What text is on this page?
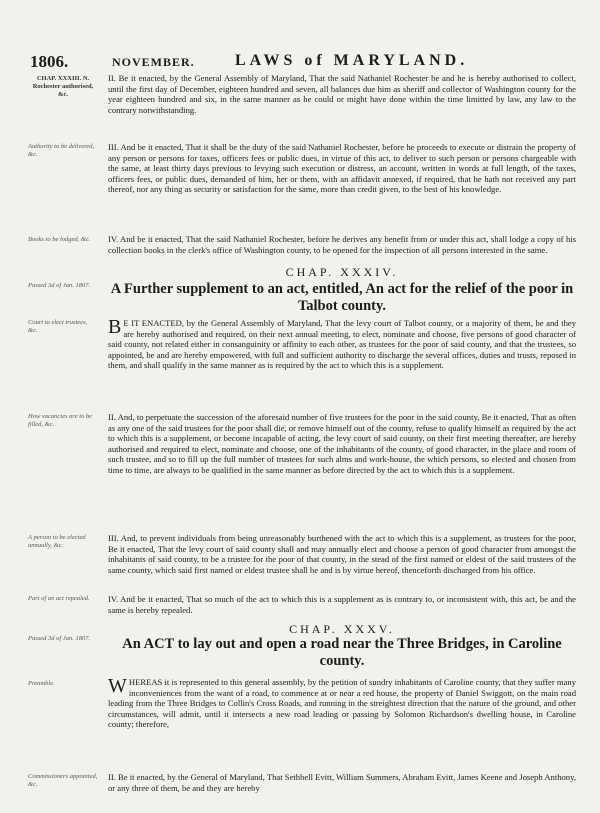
1806.	NOVEMBER.	LAWS of MARYLAND.
CHAP. XXXIII. N. Rochester authorised, &c.
II. Be it enacted, by the General Assembly of Maryland, That the said Nathaniel Rochester be and he is hereby authorised to collect, until the first day of December, eighteen hundred and seven, all balances due him as sheriff and collector of Washington county for the year eighteen hundred and six, in the same manner as he could or might have done within the time limitted by law, any law to the contrary notwithstanding.
Authority to be delivered, &c.
III. And be it enacted, That it shall be the duty of the said Nathaniel Rochester, before he proceeds to execute or distrain the property of any person or persons for taxes, officers fees or public dues, in virtue of this act, to deliver to such person or persons chargeable with the same, at least thirty days previous to levying such execution or distress, an account, written in words at full length, of the taxes, officers fees, or public dues, demanded of him, her or them, with an affidavit annexed, if required, that he hath not received any part thereof, nor any thing as security or satisfaction for the same, more than credit given, to the best of his knowledge.
Books to be lodged, &c.	IV. And be it enacted, That the said Nathaniel Rochester, before he derives any benefit from or under this act, shall lodge a copy of his collection books in the clerk's office of Washington county, to be opened for the inspection of all persons interested in the same.
CHAP. XXXIV.
Passed 3d of Jan. 1807.	A Further supplement to an act, entitled, An act for the relief of the poor in Talbot county.
Court to elect trustees, &c.	B E IT ENACTED, by the General Assembly of Maryland, That the levy court of Talbot county, or a majority of them, be and they are hereby authorised and required, on their next annual meeting, to elect, nominate and choose, five persons of good character of said county, not related either in consanguinity or affinity to each other, as trustees for the poor of said county, and that the trustees, so appointed, be and are hereby empowered, with full and sufficient authority to discharge the several offices, duties and trusts, reposed in them, and shall qualify in the same manner as is required by the act to which this is a supplement.
How vacancies are to be filled, &c.
II. And, to perpetuate the succession of the aforesaid number of five trustees for the poor in the said county, Be it enacted, That as often as any one of the said trustees for the poor shall die, or remove himself out of the county, refuse to qualify himself as required by the act to which this is a supplement, or become incapable of acting, the levy court of said county, on their first meeting thereafter, are hereby authorised and required to elect, nominate and choose, one of the inhabitants of the county, of good character, in the place and room of such trustee, and so to fill up the full number of trustees for such alms and work-house, the which persons, so elected and chosen from time to time, are always to be qualified in the same manner as before directed by the act to which this is a supplement.
A person to be elected annually, &c.
III. And, to prevent individuals from being unreasonably burthened with the act to which this is a supplement, as trustees for the poor, Be it enacted, That the levy court of said county shall and may annually elect and choose a person of good character from amongst the inhabitants of said county, to be a trustee for the poor of that county, in the stead of the first named or eldest of the said trustees of the same county, which said first named or eldest trustee shall be and is by virtue hereof, thenceforth discharged from his office.
Part of an act repealed.	IV. And be it enacted, That so much of the act to which this is a supplement as is contrary to, or inconsistent with, this act, be and the same is hereby repealed.
CHAP. XXXV.
Passed 3d of Jan. 1807.	An ACT to lay out and open a road near the Three Bridges, in Caroline county.
Preamble.	WHEREAS it is represented to this general assembly, by the petition of sundry inhabitants of Caroline county, that they suffer many inconveniences from the want of a road, to commence at or near a red house, the property of Daniel Swiggott, on the main road leading from the Three Bridges to Collin's Cross Roads, and running in the streightest direction that the nature of the ground, and other circumstances, will admit, until it intersects a new road leading or passing by Solomon Richardson's dwelling house, in Caroline county; therefore,
Commissioners appointed, &c.
II. Be it enacted, by the General of Maryland, That Sethbell Evitt, William Summers, Abraham Evitt, James Keene and Joseph Anthony, or any three of them, be and they are hereby
